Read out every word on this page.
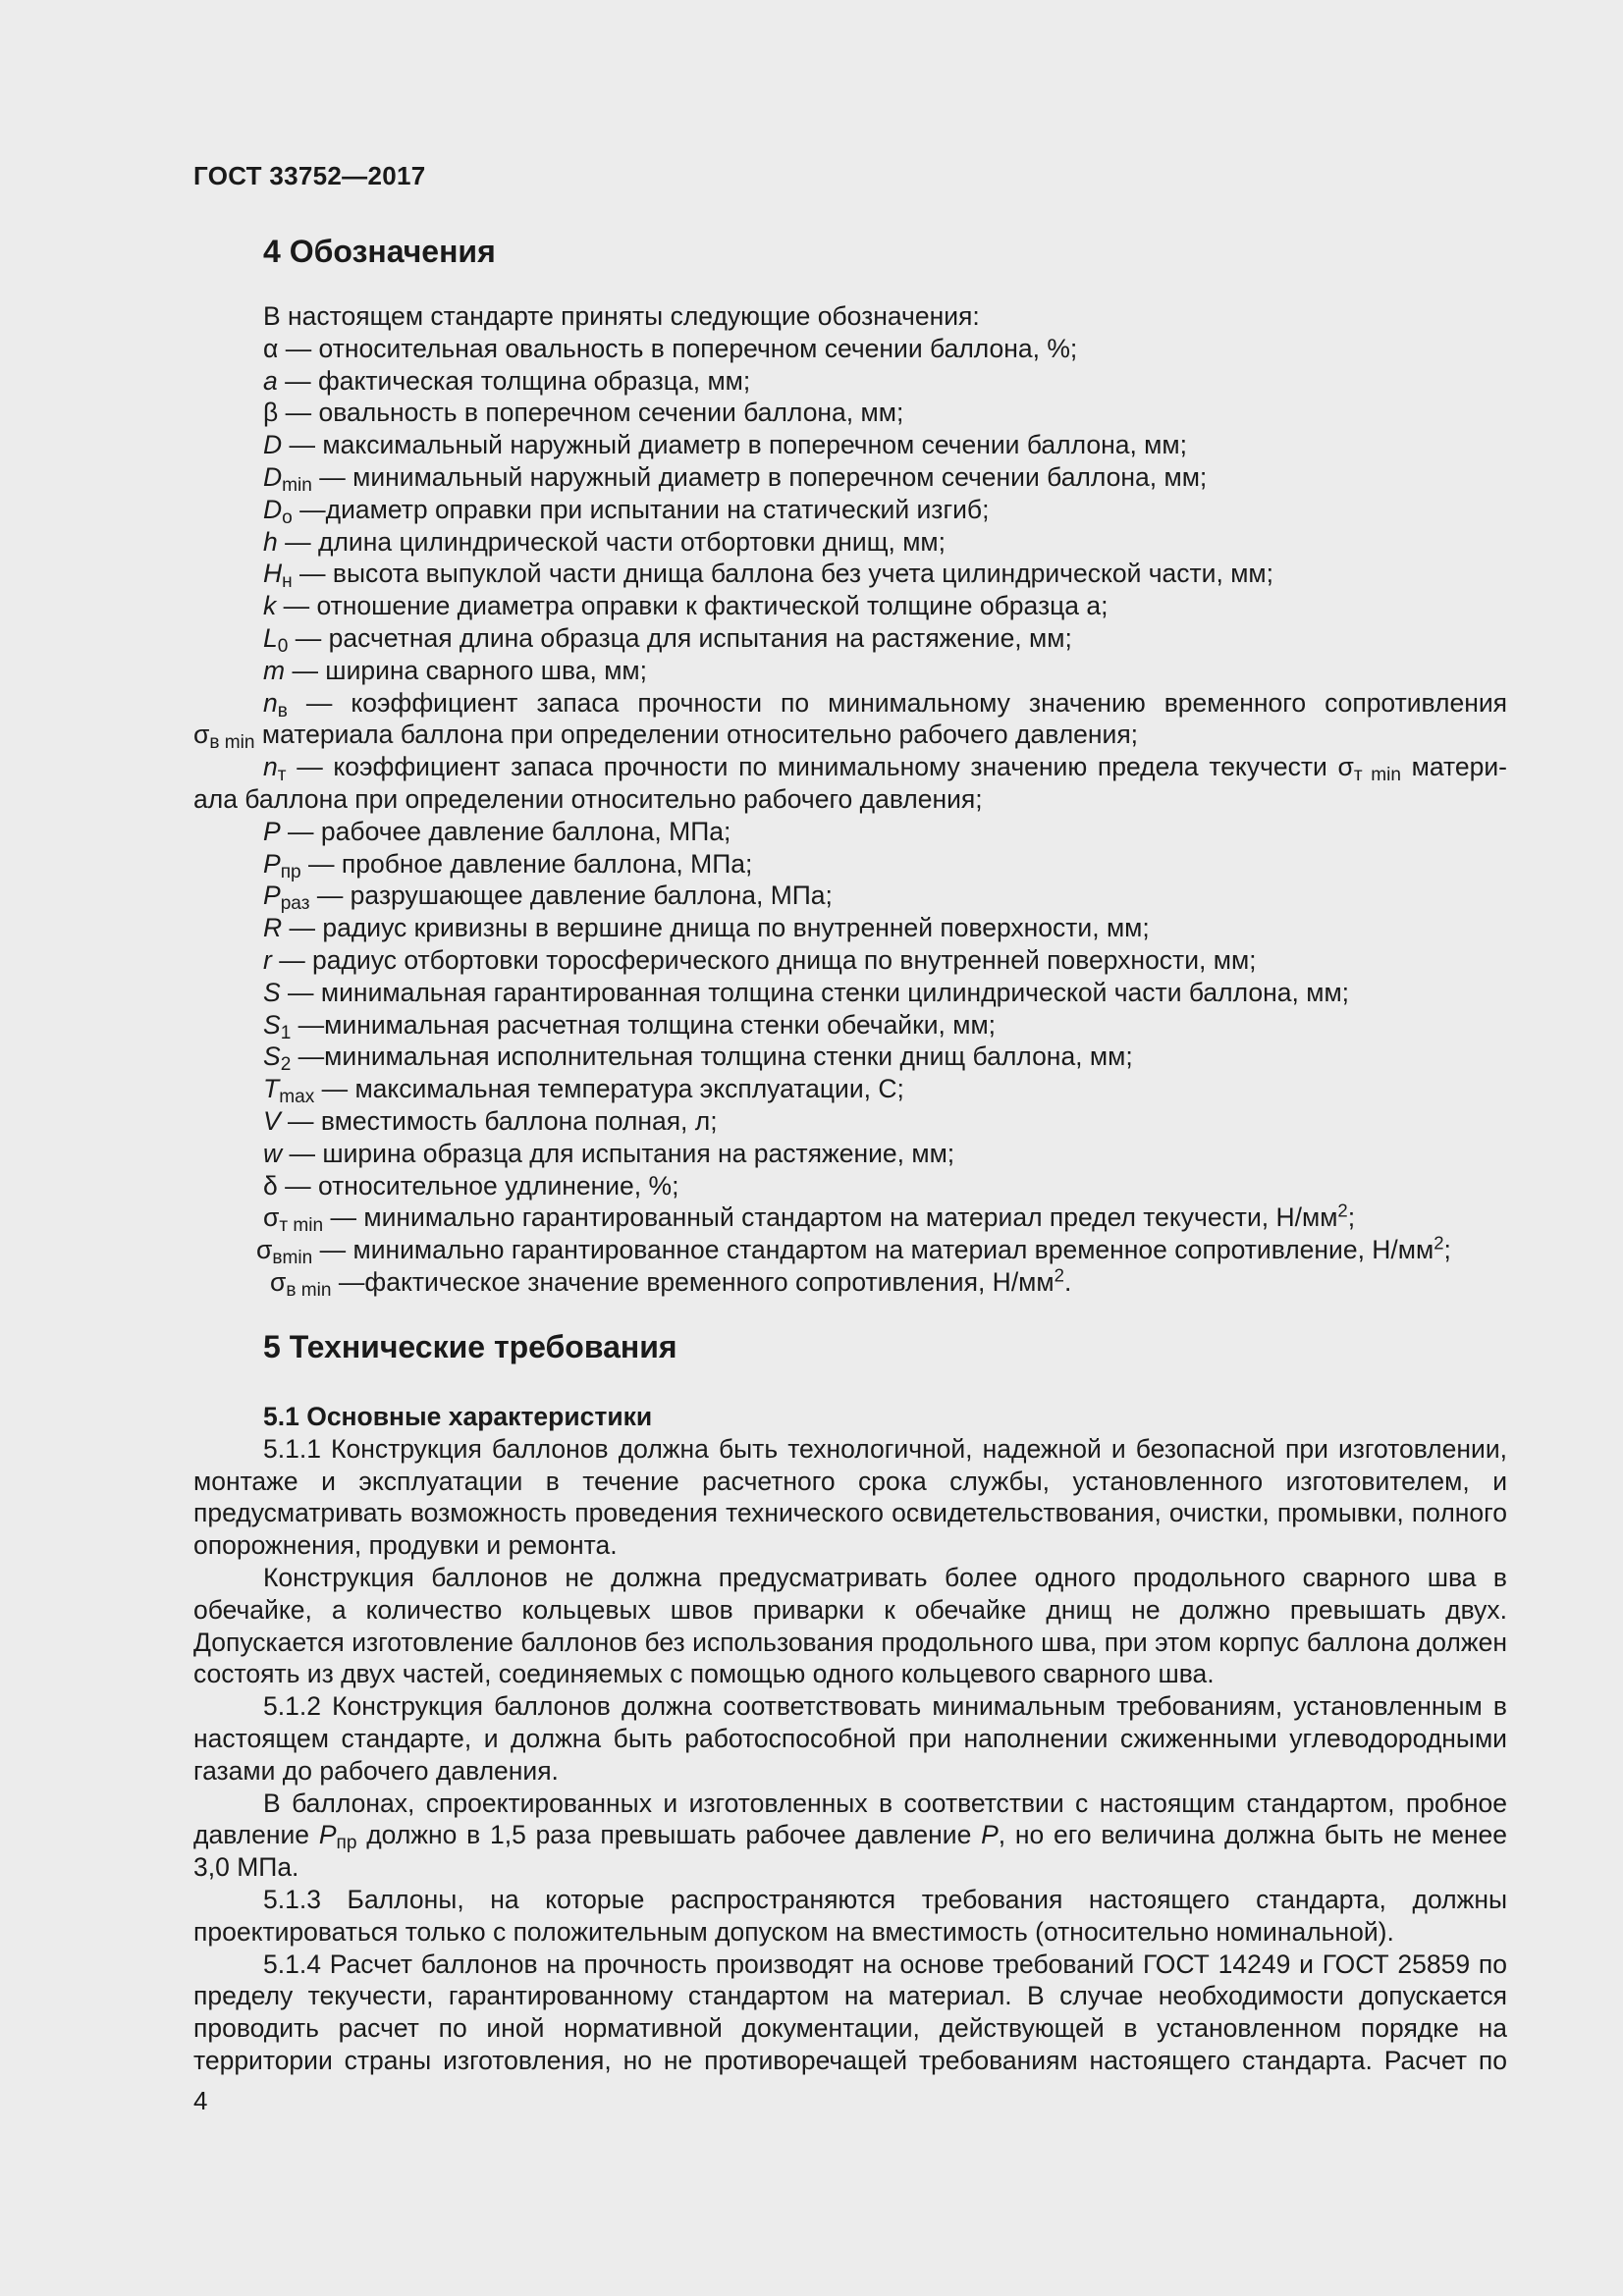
ГОСТ 33752—2017
4 Обозначения

В настоящем стандарте приняты следующие обозначения:

α — относительная овальность в поперечном сечении баллона, %;

a — фактическая толщина образца, мм;

β — овальность в поперечном сечении баллона, мм;

D — максимальный наружный диаметр в поперечном сечении баллона, мм;

$D_{min}$ — минимальный наружный диаметр в поперечном сечении баллона, мм;

$D_о$ —диаметр оправки при испытании на статический изгиб;

h — длина цилиндрической части отбортовки днищ, мм;

$H_н$ — высота выпуклой части днища баллона без учета цилиндрической части, мм;

k — отношение диаметра оправки к фактической толщине образца а;

$L_0$ — расчетная длина образца для испытания на растяжение, мм;

m — ширина сварного шва, мм;

$n_в$ — коэффициент запаса прочности по минимальному значению временного сопротивления

$\sigma_{в min}$ материала баллона при определении относительно рабочего давления;

$n_т$ — коэффициент запаса прочности по минимальному значению предела текучести $\sigma_{т min}$ матери-

ала баллона при определении относительно рабочего давления;

P — рабочее давление баллона, МПа;

$P_{пр}$ — пробное давление баллона, МПа;

$P_{раз}$ — разрушающее давление баллона, МПа;

R — радиус кривизны в вершине днища по внутренней поверхности, мм;

r — радиус отбортовки торосферического днища по внутренней поверхности, мм;

S — минимальная гарантированная толщина стенки цилиндрической части баллона, мм;

$S_1$ —минимальная расчетная толщина стенки обечайки, мм;

$S_2$ —минимальная исполнительная толщина стенки днищ баллона, мм;

$T_{max}$ — максимальная температура эксплуатации, С;

V — вместимость баллона полная, л;

w — ширина образца для испытания на растяжение, мм;

δ — относительное удлинение, %;

$\sigma_{т min}$ — минимально гарантированный стандартом на материал предел текучести, $Н/мм^2$;

$\sigma_{вmin}$ — минимально гарантированное стандартом на материал временное сопротивление, $Н/мм^2$;

$\sigma_{в min}$ —фактическое значение временного сопротивления, $Н/мм^2$.

5 Технические требования

5.1 Основные характеристики

5.1.1 Конструкция баллонов должна быть технологичной, надежной и безопасной при изготовлении, монтаже и эксплуатации в течение расчетного срока службы, установленного изготовителем, и предусматривать возможность проведения технического освидетельствования, очистки, промывки, полного опорожнения, продувки и ремонта.

Конструкция баллонов не должна предусматривать более одного продольного сварного шва в обечайке, а количество кольцевых швов приварки к обечайке днищ не должно превышать двух. Допускается изготовление баллонов без использования продольного шва, при этом корпус баллона должен состоять из двух частей, соединяемых с помощью одного кольцевого сварного шва.

5.1.2 Конструкция баллонов должна соответствовать минимальным требованиям, установленным в настоящем стандарте, и должна быть работоспособной при наполнении сжиженными углеводородными газами до рабочего давления.

В баллонах, спроектированных и изготовленных в соответствии с настоящим стандартом, пробное давление $P_{пр}$ должно в 1,5 раза превышать рабочее давление P, но его величина должна быть не менее 3,0 МПа.

5.1.3 Баллоны, на которые распространяются требования настоящего стандарта, должны проектироваться только с положительным допуском на вместимость (относительно номинальной).

5.1.4 Расчет баллонов на прочность производят на основе требований ГОСТ 14249 и ГОСТ 25859 по пределу текучести, гарантированному стандартом на материал. В случае необходимости допускается проводить расчет по иной нормативной документации, действующей в установленном порядке на территории страны изготовления, но не противоречащей требованиям настоящего стандарта. Расчет по

4
